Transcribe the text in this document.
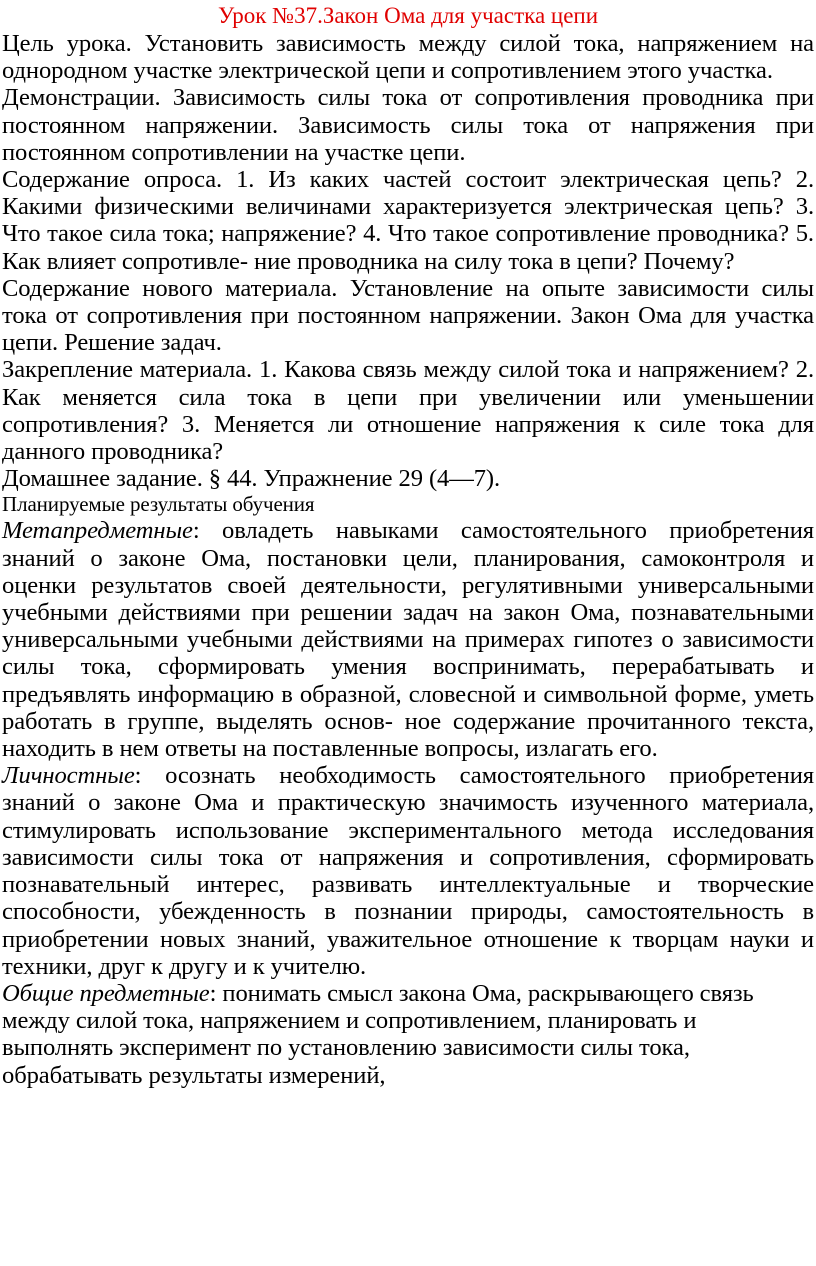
Урок №37.Закон Ома для участка цепи

Цель урока. Установить зависимость между силой тока, напряжением на однородном участке электрической цепи и сопротивлением этого участка.

Демонстрации. Зависимость силы тока от сопротивления проводника при постоянном напряжении. Зависимость силы тока от напряжения при постоянном сопротивлении на участке цепи.

Содержание опроса. 1. Из каких частей состоит электрическая цепь? 2. Какими физическими величинами характеризуется электрическая цепь? 3. Что такое сила тока; напряжение? 4. Что такое сопротивление проводника? 5. Как влияет сопротивле- ние проводника на силу тока в цепи? Почему?

Содержание нового материала. Установление на опыте зависимости силы тока от сопротивления при постоянном напряжении. Закон Ома для участка цепи. Решение задач.

Закрепление материала. 1. Какова связь между силой тока и напряжением? 2. Как меняется сила тока в цепи при увеличении или уменьшении сопротивления? 3. Меняется ли отношение напряжения к силе тока для данного проводника?

Домашнее задание. § 44. Упражнение 29 (4—7).

Планируемые результаты обучения

Метапредметные: овладеть навыками самостоятельного приобретения знаний о законе Ома, постановки цели, планирования, самоконтроля и оценки результатов своей деятельности, регулятивными универсальными учебными действиями при решении задач на закон Ома, познавательными универсальными учебными действиями на примерах гипотез о зависимости силы тока, сформировать умения воспринимать, перерабатывать и предъявлять информацию в образной, словесной и символьной форме, уметь работать в группе, выделять основ- ное содержание прочитанного текста, находить в нем ответы на поставленные вопросы, излагать его.

Личностные: осознать необходимость самостоятельного приобретения знаний о законе Ома и практическую значимость изученного материала, стимулировать использование экспериментального метода исследования зависимости силы тока от напряжения и сопротивления, сформировать познавательный интерес, развивать интеллектуальные и творческие способности, убежденность в познании природы, самостоятельность в приобретении новых знаний, уважительное отношение к творцам науки и техники, друг к другу и к учителю.

Общие предметные: понимать смысл закона Ома, раскрывающего связь между силой тока, напряжением и сопротивлением, планировать и выполнять эксперимент по установлению зависимости силы тока, обрабатывать результаты измерений,
